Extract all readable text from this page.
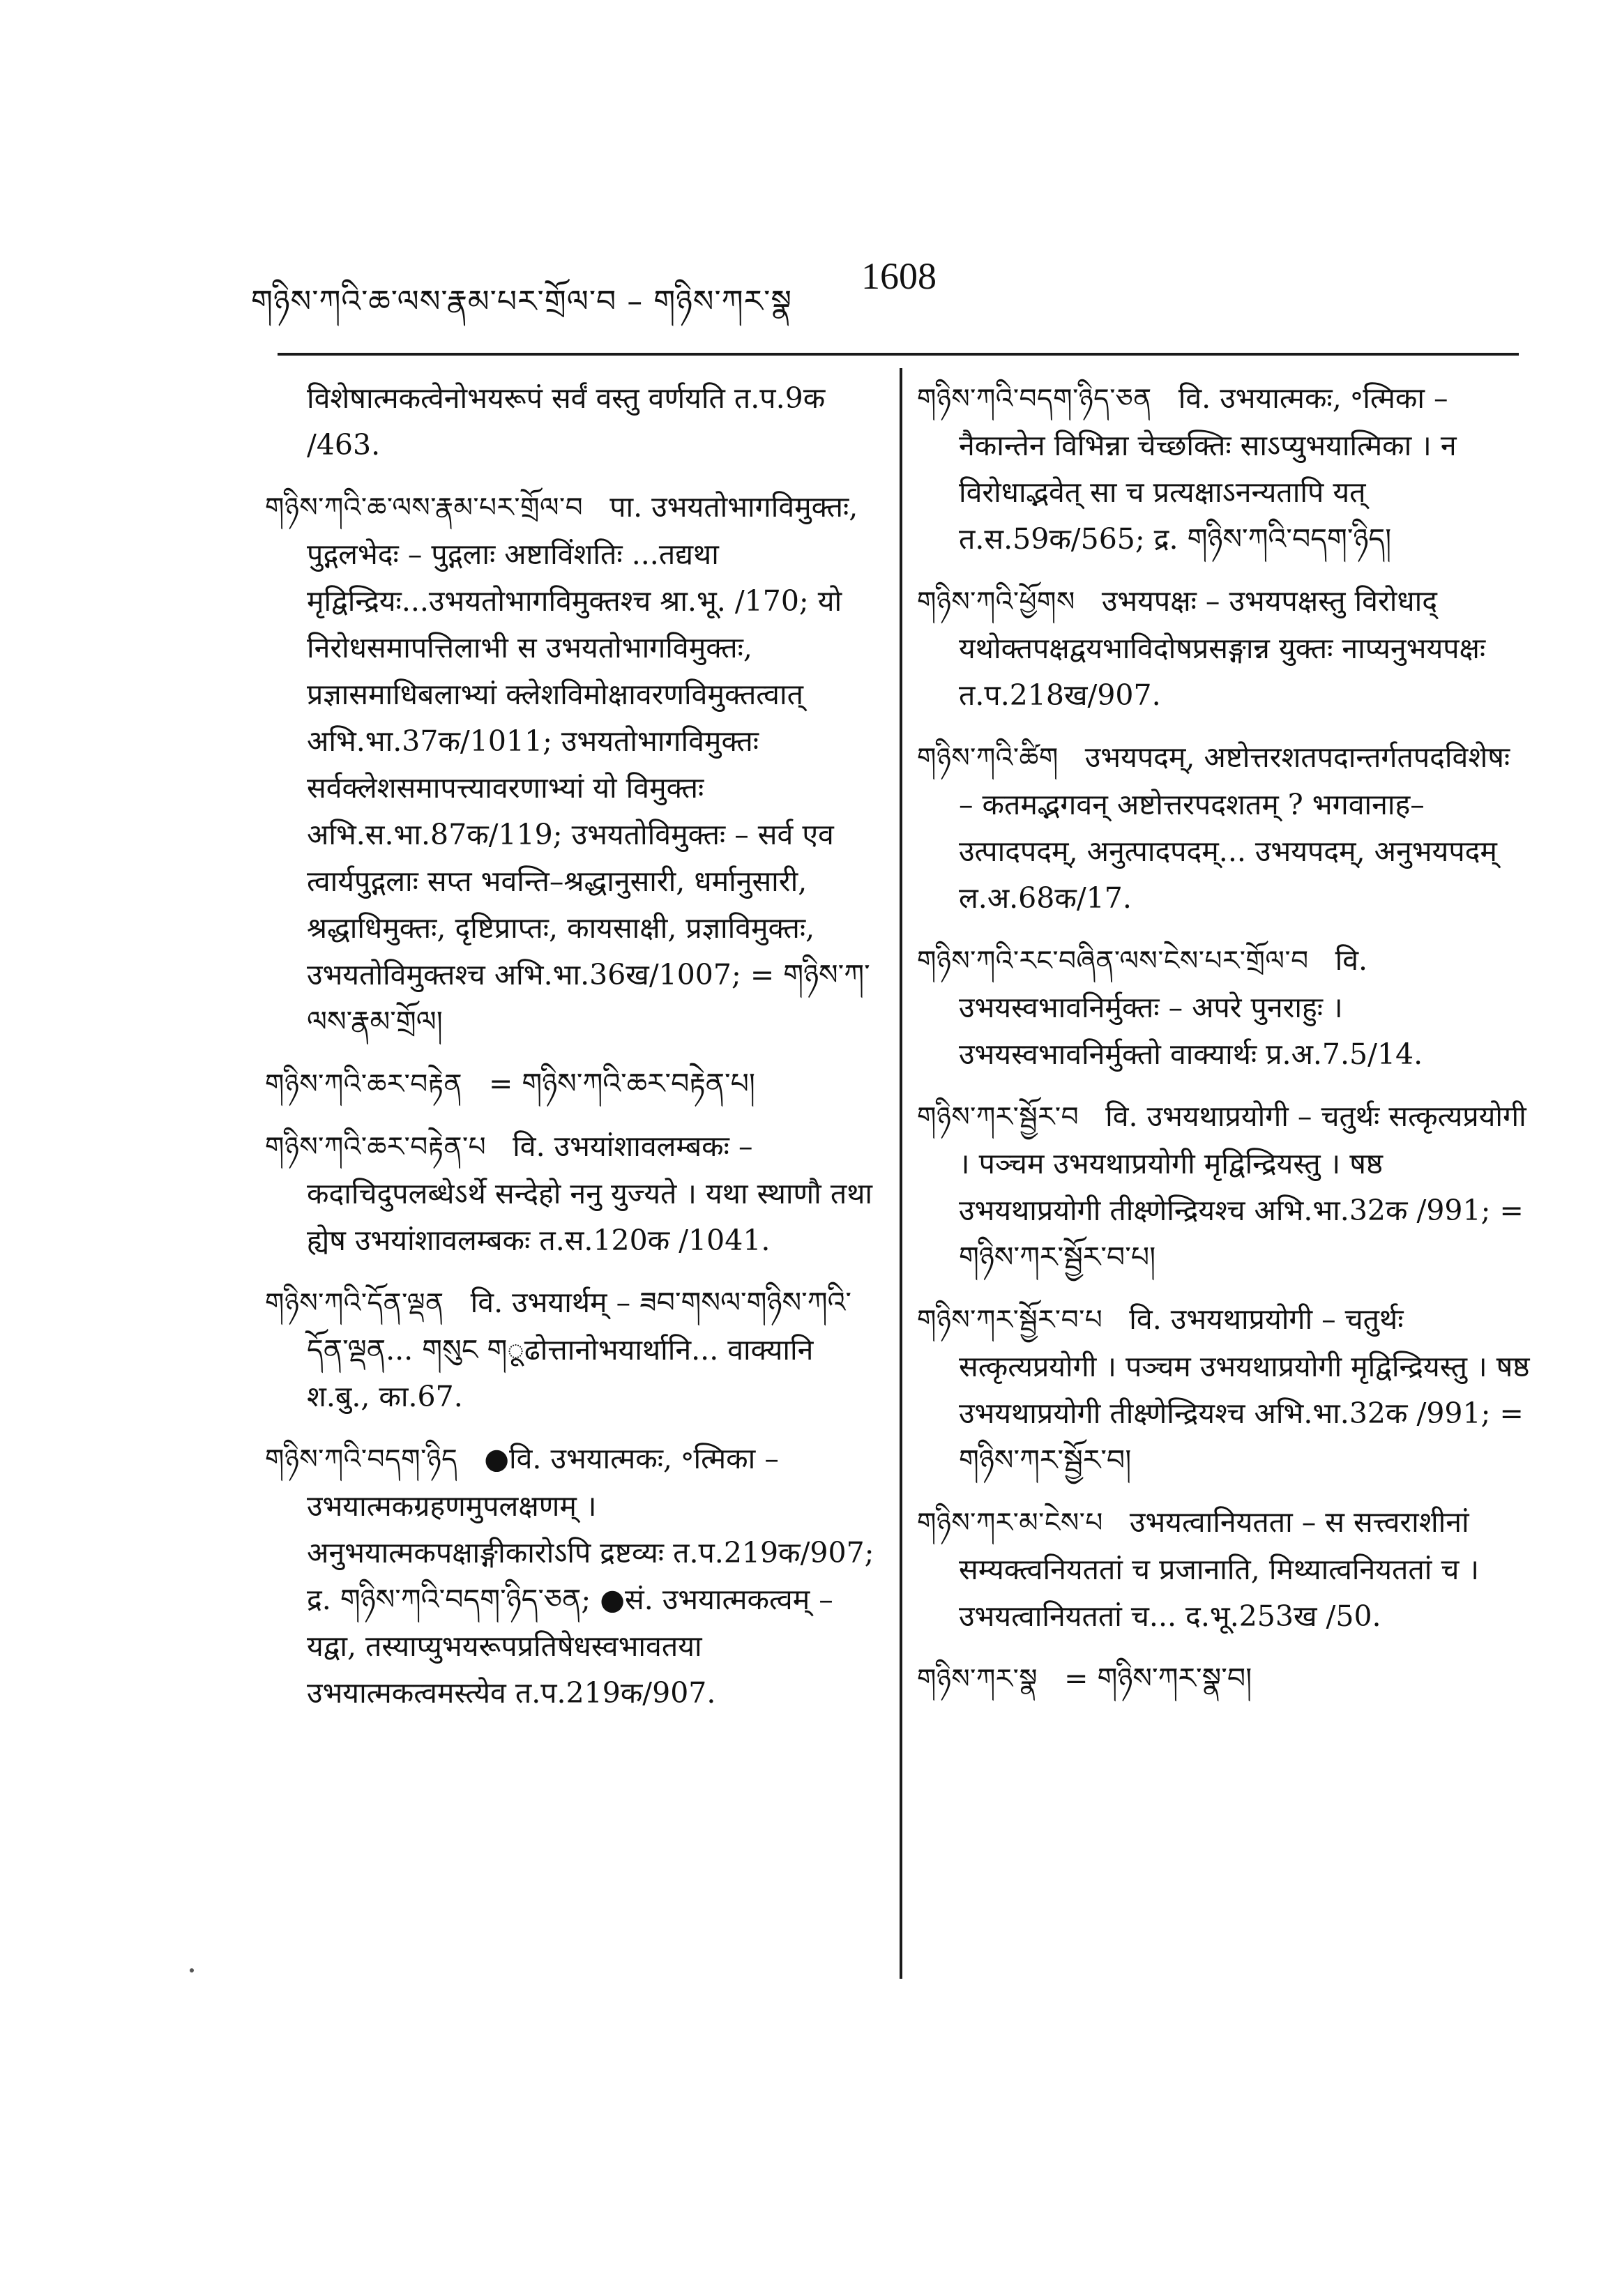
གཉིས་ཀའི་ཆ་ལས་རྣམ་པར་གྲོལ་བ – གཉིས་ཀར་སྣ
1608

विशेषात्मकत्वेनोभयरूपं सर्वं वस्तु वर्णयति त.प.9क /463.

གཉིས་ཀའི་ཆ་ལས་རྣམ་པར་གྲོལ་བ पा. उभयतोभागविमुक्तः, पुद्गलभेदः – पुद्गलाः अष्टाविंशतिः ...तद्यथा मृद्विन्द्रियः...उभयतोभागविमुक्तश्च श्रा.भू. /170; यो निरोधसमापत्तिलाभी स उभयतोभागविमुक्तः, प्रज्ञासमाधिबलाभ्यां क्लेशविमोक्षावरणविमुक्तत्वात् अभि.भा.37क/1011; उभयतोभागविमुक्तः सर्वक्लेशसमापत्त्यावरणाभ्यां यो विमुक्तः अभि.स.भा.87क/119; उभयतोविमुक्तः – सर्व एव त्वार्यपुद्गलाः सप्त भवन्ति–श्रद्धानुसारी, धर्मानुसारी, श्रद्धाधिमुक्तः, दृष्टिप्राप्तः, कायसाक्षी, प्रज्ञाविमुक्तः, उभयतोविमुक्तश्च अभि.भा.36ख/1007; = གཉིས་ཀ་ལས་རྣམ་གྲོལ།

གཉིས་ཀའི་ཆར་བརྟེན = གཉིས་ཀའི་ཆར་བརྟེན་པ།

གཉིས་ཀའི་ཆར་བརྟེན་པ वि. उभयांशावलम्बकः – कदाचिदुपलब्धेऽर्थे सन्देहो ननु युज्यते । यथा स्थाणौ तथा ह्येष उभयांशावलम्बकः त.स.120क /1041.

གཉིས་ཀའི་དོན་ལྡན वि. उभयार्थम् – ཟབ་གསལ་གཉིས་ཀའི་དོན་ལྡན... གསུང གूढोत्तानोभयार्थानि... वाक्यानि श.बु., का.67.

གཉིས་ཀའི་བདག་ཉིད ●वि. उभयात्मकः, ॰त्मिका – उभयात्मकग्रहणमुपलक्षणम् । अनुभयात्मकपक्षाङ्गीकारोऽपि द्रष्टव्यः त.प.219क/907; द्र. གཉིས་ཀའི་བདག་ཉིད་ཅན; ●सं. उभयात्मकत्वम् – यद्वा, तस्याप्युभयरूपप्रतिषेधस्वभावतया उभयात्मकत्वमस्त्येव त.प.219क/907.

གཉིས་ཀའི་བདག་ཉིད་ཅན वि. उभयात्मकः, ॰त्मिका – नैकान्तेन विभिन्ना चेच्छक्तिः साऽप्युभयात्मिका । न विरोधाद्भवेत् सा च प्रत्यक्षाऽनन्यतापि यत् त.स.59क/565; द्र. གཉིས་ཀའི་བདག་ཉིད།

གཉིས་ཀའི་ཕྱོགས उभयपक्षः – उभयपक्षस्तु विरोधाद् यथोक्तपक्षद्वयभाविदोषप्रसङ्गान्न युक्तः नाप्यनुभयपक्षः त.प.218ख/907.

གཉིས་ཀའི་ཚིག उभयपदम्, अष्टोत्तरशतपदान्तर्गतपदविशेषः – कतमद्भगवन् अष्टोत्तरपदशतम् ? भगवानाह–उत्पादपदम्, अनुत्पादपदम्... उभयपदम्, अनुभयपदम् ल.अ.68क/17.

གཉིས་ཀའི་རང་བཞིན་ལས་ངེས་པར་གྲོལ་བ वि. उभयस्वभावनिर्मुक्तः – अपरे पुनराहुः । उभयस्वभावनिर्मुक्तो वाक्यार्थः प्र.अ.7.5/14.

གཉིས་ཀར་སྦྱོར་བ वि. उभयथाप्रयोगी – चतुर्थः सत्कृत्यप्रयोगी । पञ्चम उभयथाप्रयोगी मृद्विन्द्रियस्तु । षष्ठ उभयथाप्रयोगी तीक्ष्णेन्द्रियश्च अभि.भा.32क /991; = གཉིས་ཀར་སྦྱོར་བ་པ།

གཉིས་ཀར་སྦྱོར་བ་པ वि. उभयथाप्रयोगी – चतुर्थः सत्कृत्यप्रयोगी । पञ्चम उभयथाप्रयोगी मृद्विन्द्रियस्तु । षष्ठ उभयथाप्रयोगी तीक्ष्णेन्द्रियश्च अभि.भा.32क /991; = གཉིས་ཀར་སྦྱོར་བ།

གཉིས་ཀར་མ་ངེས་པ उभयत्वानियतता – स सत्त्वराशीनां सम्यक्त्वनियततां च प्रजानाति, मिथ्यात्वनियततां च । उभयत्वानियततां च... द.भू.253ख /50.

གཉིས་ཀར་སྣ = གཉིས་ཀར་སྣ་བ།
